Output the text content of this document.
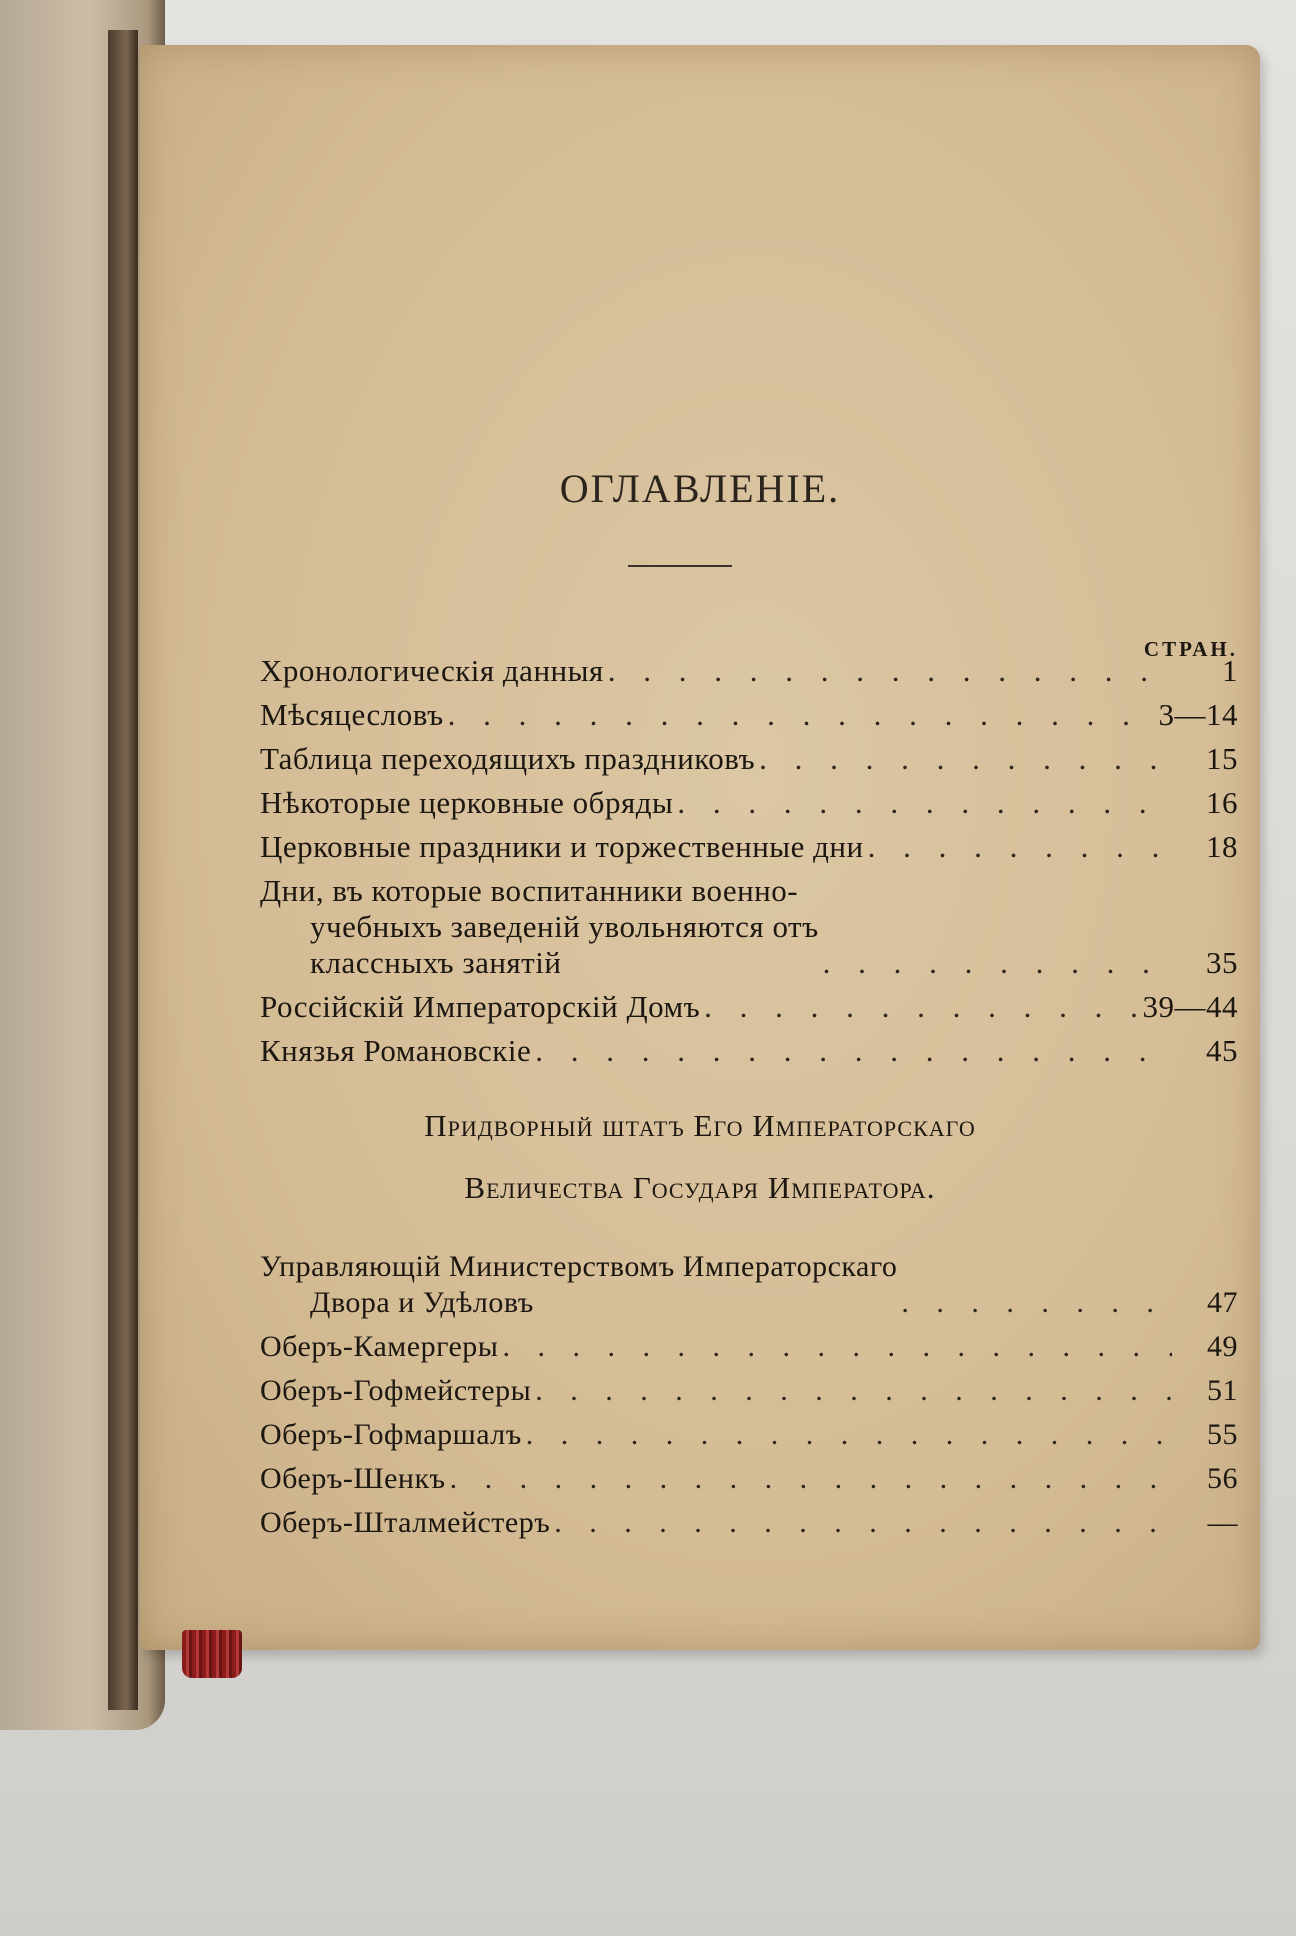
ОГЛАВЛЕНІЕ.
СТРАН.
Хронологическія данныя . . .	1
Мѣсяцесловъ . . .	3—14
Таблица переходящихъ праздниковъ . . .	15
Нѣкоторые церковные обряды . . .	16
Церковные праздники и торжественные дни . . .	18
Дни, въ которые воспитанники военно-
учебныхъ заведеній увольняются отъ
классныхъ занятій . . .	35
Россійскій Императорскій Домъ . . .	39—44
Князья Романовскіе . . .	45
Придворный штатъ Его Императорскаго
Величества Государя Императора.
Управляющій Министерствомъ Императорскаго
Двора и Удѣловъ . . .	47
Оберъ-Камергеры . . .	49
Оберъ-Гофмейстеры . . .	51
Оберъ-Гофмаршалъ . . .	55
Оберъ-Шенкъ . . .	56
Оберъ-Шталмейстеръ . . .	—
